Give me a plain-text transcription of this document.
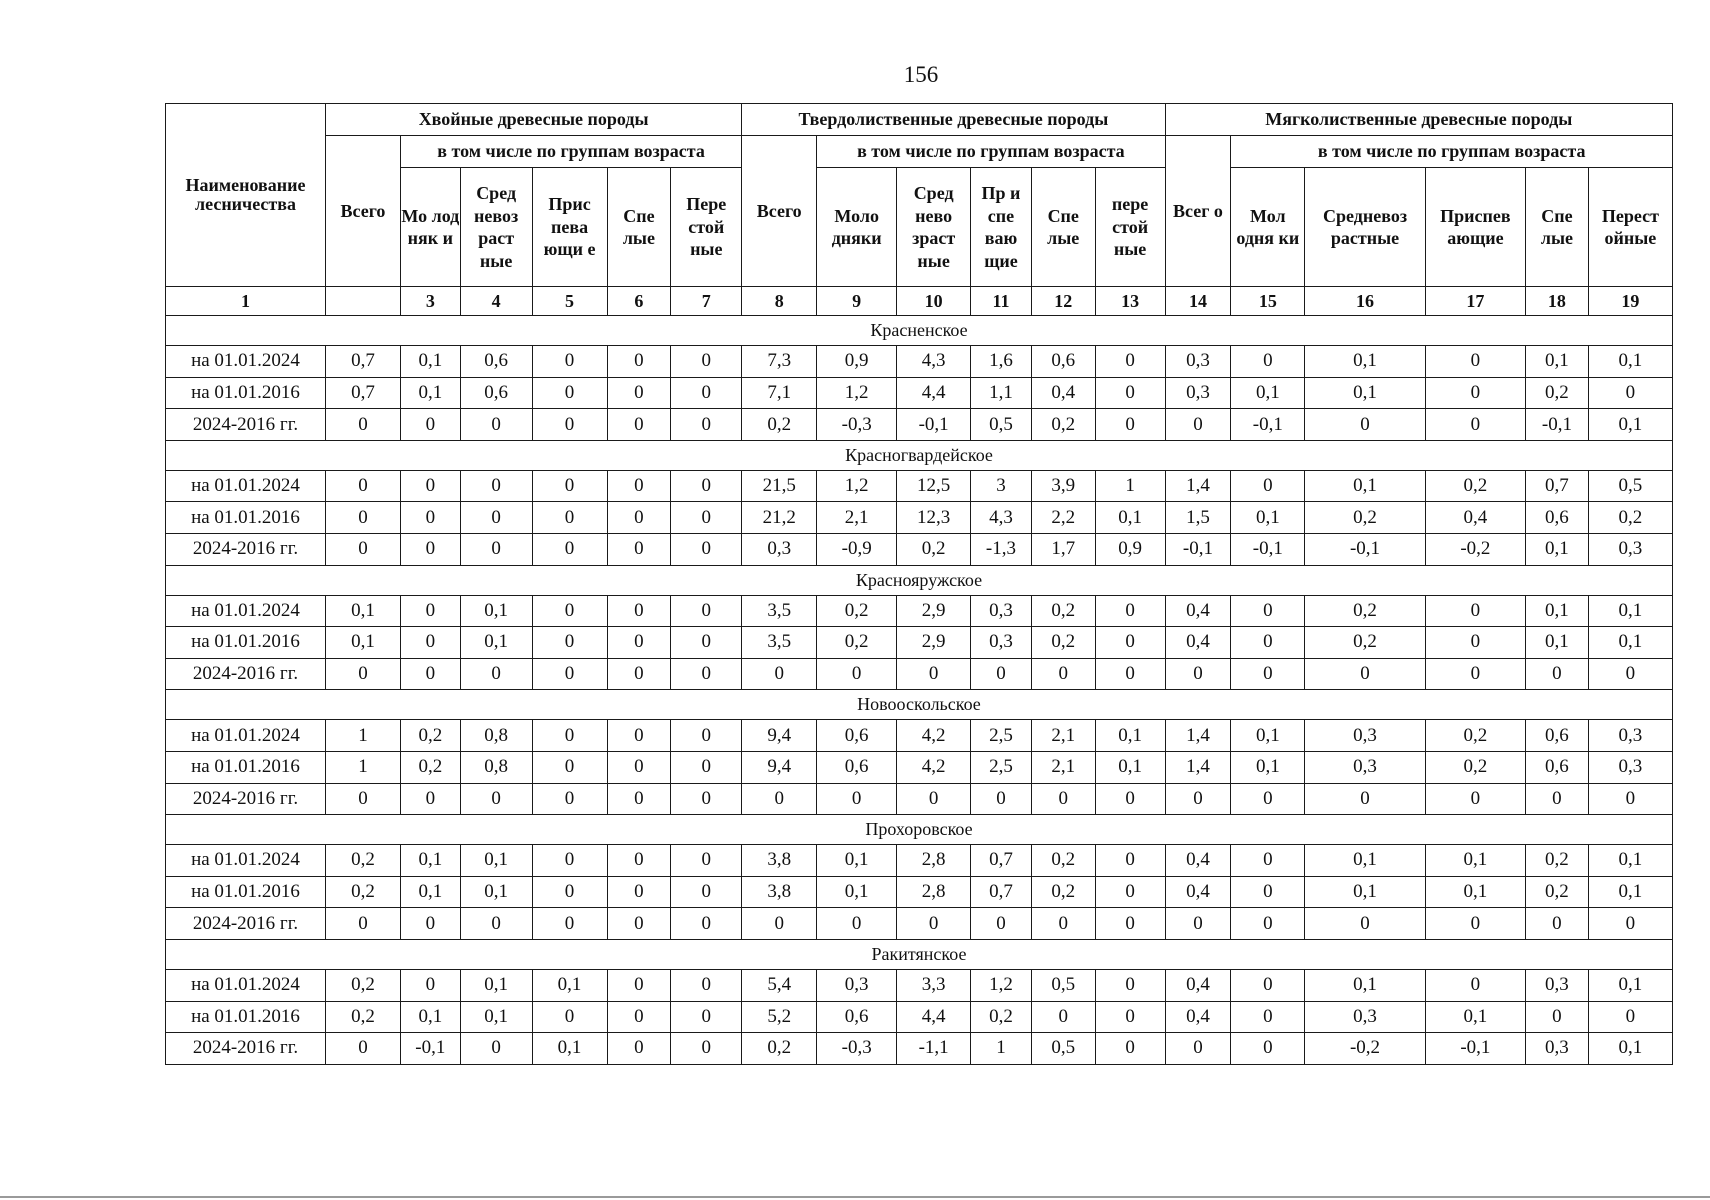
156
Наименование лесничества	Хвойные древесные породы						Твердолиственные древесные породы						Мягколиственные древесные породы					
	Всего	в том числе по группам возраста					Всего	в том числе по группам возраста					Всег о	в том числе по группам возраста				
		Мо лод няк и	Сред невоз раст ные	Прис пева ющи е	Спе лые	Пере стой ные		Моло дняки	Сред нево зраст ные	Пр и спе ваю щие	Спе лые	пере стой ные		Мол одня ки	Средневоз растные	Приспев ающие	Спе лые	Перест ойные
1		3	4	5	6	7	8	9	10	11	12	13	14	15	16	17	18	19
Красненское																		
на 01.01.2024	0,7	0,1	0,6	0	0	0	7,3	0,9	4,3	1,6	0,6	0	0,3	0	0,1	0	0,1	0,1
на 01.01.2016	0,7	0,1	0,6	0	0	0	7,1	1,2	4,4	1,1	0,4	0	0,3	0,1	0,1	0	0,2	0
2024-2016 гг.	0	0	0	0	0	0	0,2	-0,3	-0,1	0,5	0,2	0	0	-0,1	0	0	-0,1	0,1
Красногвардейское																		
на 01.01.2024	0	0	0	0	0	0	21,5	1,2	12,5	3	3,9	1	1,4	0	0,1	0,2	0,7	0,5
на 01.01.2016	0	0	0	0	0	0	21,2	2,1	12,3	4,3	2,2	0,1	1,5	0,1	0,2	0,4	0,6	0,2
2024-2016 гг.	0	0	0	0	0	0	0,3	-0,9	0,2	-1,3	1,7	0,9	-0,1	-0,1	-0,1	-0,2	0,1	0,3
Краснояружское																		
на 01.01.2024	0,1	0	0,1	0	0	0	3,5	0,2	2,9	0,3	0,2	0	0,4	0	0,2	0	0,1	0,1
на 01.01.2016	0,1	0	0,1	0	0	0	3,5	0,2	2,9	0,3	0,2	0	0,4	0	0,2	0	0,1	0,1
2024-2016 гг.	0	0	0	0	0	0	0	0	0	0	0	0	0	0	0	0	0	0
Новооскольское																		
на 01.01.2024	1	0,2	0,8	0	0	0	9,4	0,6	4,2	2,5	2,1	0,1	1,4	0,1	0,3	0,2	0,6	0,3
на 01.01.2016	1	0,2	0,8	0	0	0	9,4	0,6	4,2	2,5	2,1	0,1	1,4	0,1	0,3	0,2	0,6	0,3
2024-2016 гг.	0	0	0	0	0	0	0	0	0	0	0	0	0	0	0	0	0	0
Прохоровское																		
на 01.01.2024	0,2	0,1	0,1	0	0	0	3,8	0,1	2,8	0,7	0,2	0	0,4	0	0,1	0,1	0,2	0,1
на 01.01.2016	0,2	0,1	0,1	0	0	0	3,8	0,1	2,8	0,7	0,2	0	0,4	0	0,1	0,1	0,2	0,1
2024-2016 гг.	0	0	0	0	0	0	0	0	0	0	0	0	0	0	0	0	0	0
Ракитянское																		
на 01.01.2024	0,2	0	0,1	0,1	0	0	5,4	0,3	3,3	1,2	0,5	0	0,4	0	0,1	0	0,3	0,1
на 01.01.2016	0,2	0,1	0,1	0	0	0	5,2	0,6	4,4	0,2	0	0	0,4	0	0,3	0,1	0	0
2024-2016 гг.	0	-0,1	0	0,1	0	0	0,2	-0,3	-1,1	1	0,5	0	0	0	-0,2	-0,1	0,3	0,1
